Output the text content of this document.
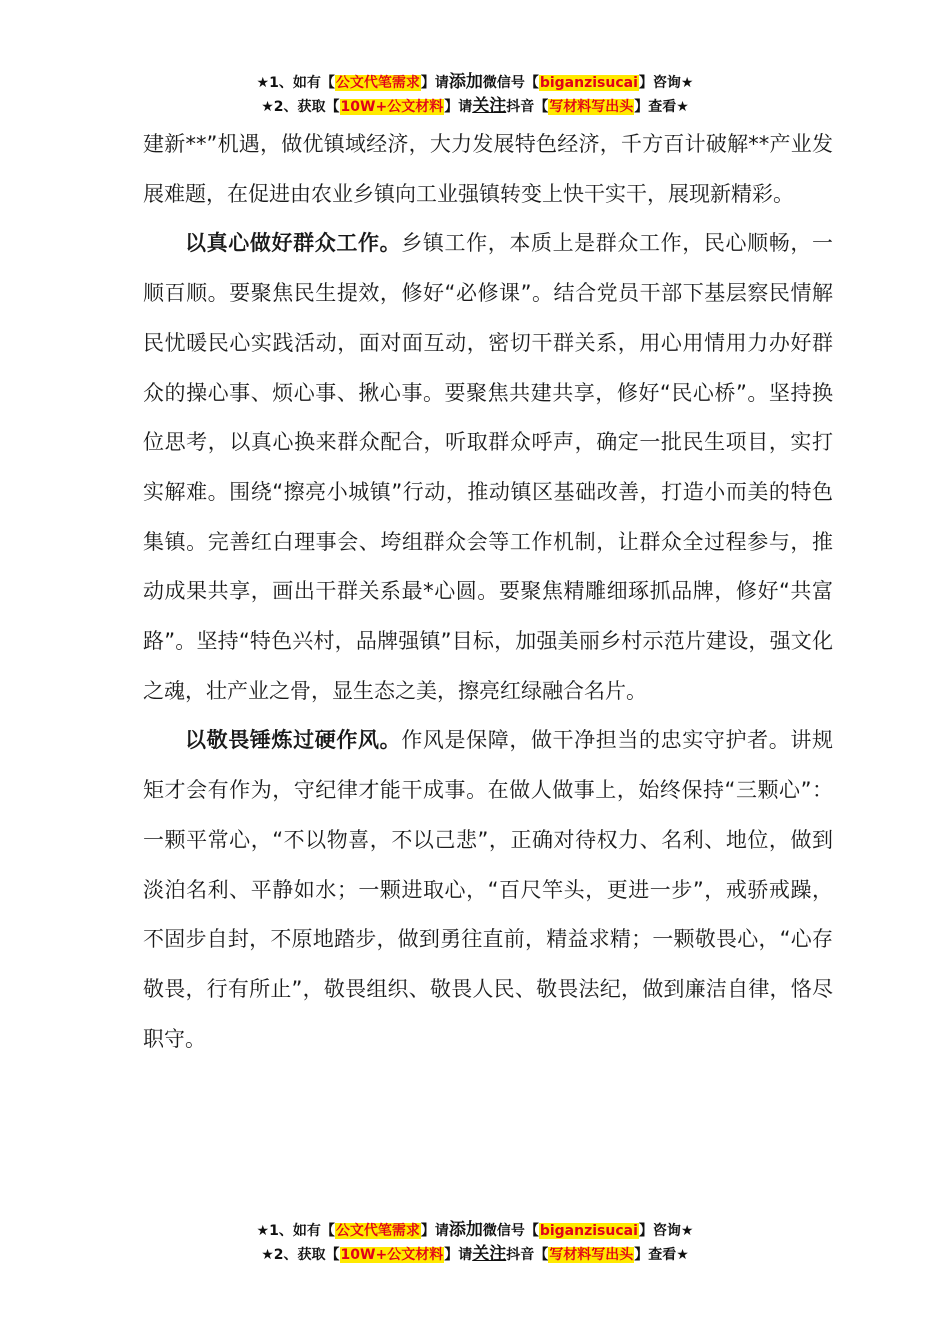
★1、如有【公文代笔需求】请添加微信号【biganzisucai】咨询★
★2、获取【10W+公文材料】请关注抖音【写材料写出头】查看★

建新**”机遇，做优镇域经济，大力发展特色经济，千方百计破解**产业发展难题，在促进由农业乡镇向工业强镇转变上快干实干，展现新精彩。

以真心做好群众工作。乡镇工作，本质上是群众工作，民心顺畅，一顺百顺。要聚焦民生提效，修好“必修课”。结合党员干部下基层察民情解民忧暖民心实践活动，面对面互动，密切干群关系，用心用情用力办好群众的操心事、烦心事、揪心事。要聚焦共建共享，修好“民心桥”。坚持换位思考，以真心换来群众配合，听取群众呼声，确定一批民生项目，实打实解难。围绕“擦亮小城镇”行动，推动镇区基础改善，打造小而美的特色集镇。完善红白理事会、垮组群众会等工作机制，让群众全过程参与，推动成果共享，画出干群关系最*心圆。要聚焦精雕细琢抓品牌，修好“共富路”。坚持“特色兴村，品牌强镇”目标，加强美丽乡村示范片建设，强文化之魂，壮产业之骨，显生态之美，擦亮红绿融合名片。

以敬畏锤炼过硬作风。作风是保障，做干净担当的忠实守护者。讲规矩才会有作为，守纪律才能干成事。在做人做事上，始终保持“三颗心”：一颗平常心，“不以物喜，不以己悲”，正确对待权力、名利、地位，做到淡泊名利、平静如水；一颗进取心，“百尺竿头，更进一步”，戒骄戒躁，不固步自封，不原地踏步，做到勇往直前，精益求精；一颗敬畏心，“心存敬畏，行有所止”，敬畏组织、敬畏人民、敬畏法纪，做到廉洁自律，恪尽职守。

★1、如有【公文代笔需求】请添加微信号【biganzisucai】咨询★
★2、获取【10W+公文材料】请关注抖音【写材料写出头】查看★
